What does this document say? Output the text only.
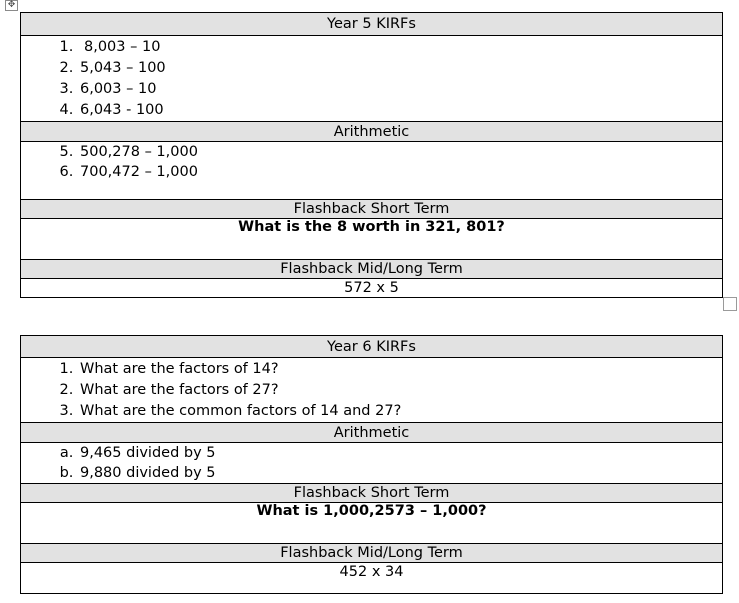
✥
Year 5 KIRFs

1. 8,003 – 10
2. 5,043 – 100
3. 6,003 – 10
4. 6,043 - 100

Arithmetic

5. 500,278 – 1,000
6. 700,472 – 1,000

Flashback Short Term
What is the 8 worth in 321, 801?
Flashback Mid/Long Term
572 x 5
Year 6 KIRFs

1. What are the factors of 14?
2. What are the factors of 27?
3. What are the common factors of 14 and 27?

Arithmetic

a. 9,465 divided by 5
b. 9,880 divided by 5

Flashback Short Term
What is 1,000,2573 – 1,000?
Flashback Mid/Long Term
452 x 34
